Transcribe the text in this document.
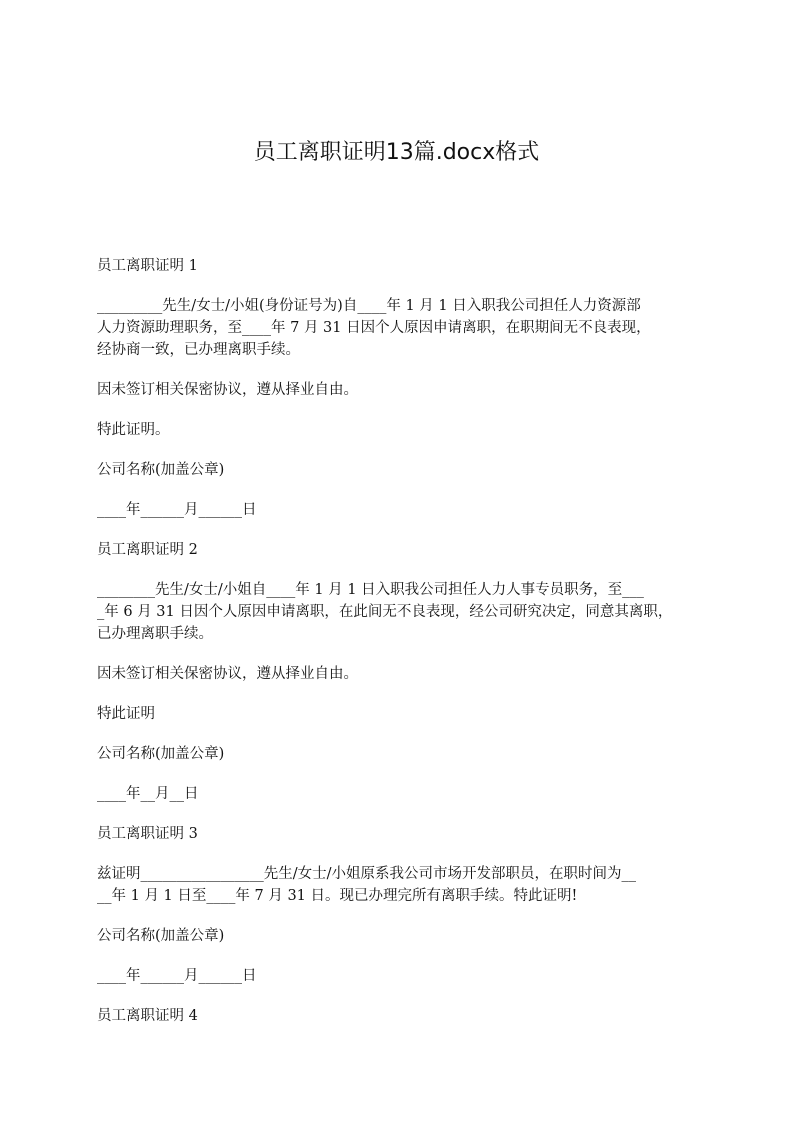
员工离职证明13篇.docx格式
员工离职证明 1
_________先生/女士/小姐(身份证号为)自____年 1 月 1 日入职我公司担任人力资源部
人力资源助理职务，至____年 7 月 31 日因个人原因申请离职，在职期间无不良表现，
经协商一致，已办理离职手续。
因未签订相关保密协议，遵从择业自由。
特此证明。
公司名称(加盖公章)
____年______月______日
员工离职证明 2
________先生/女士/小姐自____年 1 月 1 日入职我公司担任人力人事专员职务，至___
_年 6 月 31 日因个人原因申请离职，在此间无不良表现，经公司研究决定，同意其离职，
已办理离职手续。
因未签订相关保密协议，遵从择业自由。
特此证明
公司名称(加盖公章)
____年__月__日
员工离职证明 3
兹证明_________________先生/女士/小姐原系我公司市场开发部职员，在职时间为__
__年 1 月 1 日至____年 7 月 31 日。现已办理完所有离职手续。特此证明!
公司名称(加盖公章)
____年______月______日
员工离职证明 4
